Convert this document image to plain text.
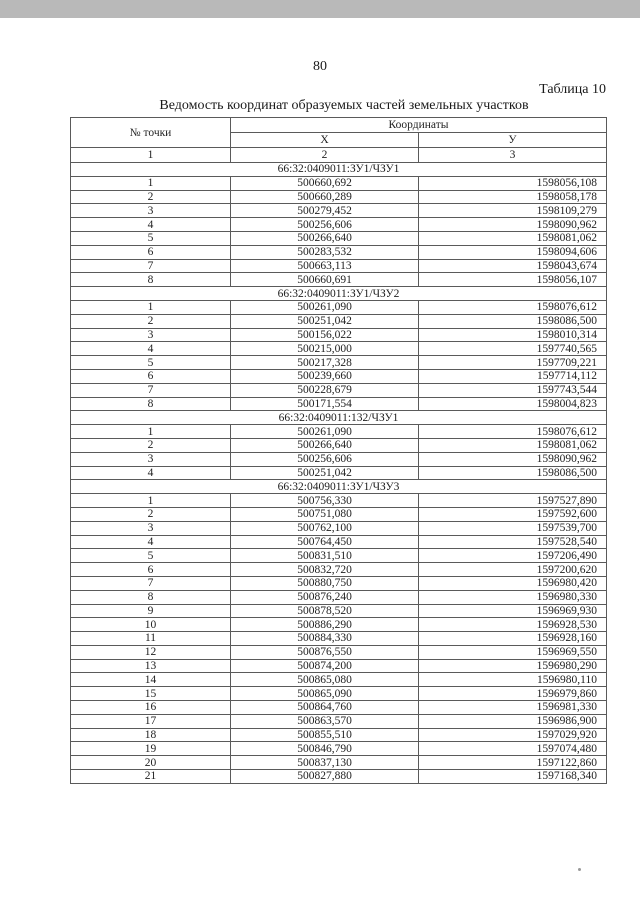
80
Таблица 10
Ведомость координат образуемых частей земельных участков
№ точки	Координаты	
	Х	У
1	2	3
66:32:0409011:ЗУ1/ЧЗУ1		
1	500660,692	1598056,108
2	500660,289	1598058,178
3	500279,452	1598109,279
4	500256,606	1598090,962
5	500266,640	1598081,062
6	500283,532	1598094,606
7	500663,113	1598043,674
8	500660,691	1598056,107
66:32:0409011:ЗУ1/ЧЗУ2		
1	500261,090	1598076,612
2	500251,042	1598086,500
3	500156,022	1598010,314
4	500215,000	1597740,565
5	500217,328	1597709,221
6	500239,660	1597714,112
7	500228,679	1597743,544
8	500171,554	1598004,823
66:32:0409011:132/ЧЗУ1		
1	500261,090	1598076,612
2	500266,640	1598081,062
3	500256,606	1598090,962
4	500251,042	1598086,500
66:32:0409011:ЗУ1/ЧЗУ3		
1	500756,330	1597527,890
2	500751,080	1597592,600
3	500762,100	1597539,700
4	500764,450	1597528,540
5	500831,510	1597206,490
6	500832,720	1597200,620
7	500880,750	1596980,420
8	500876,240	1596980,330
9	500878,520	1596969,930
10	500886,290	1596928,530
11	500884,330	1596928,160
12	500876,550	1596969,550
13	500874,200	1596980,290
14	500865,080	1596980,110
15	500865,090	1596979,860
16	500864,760	1596981,330
17	500863,570	1596986,900
18	500855,510	1597029,920
19	500846,790	1597074,480
20	500837,130	1597122,860
21	500827,880	1597168,340
